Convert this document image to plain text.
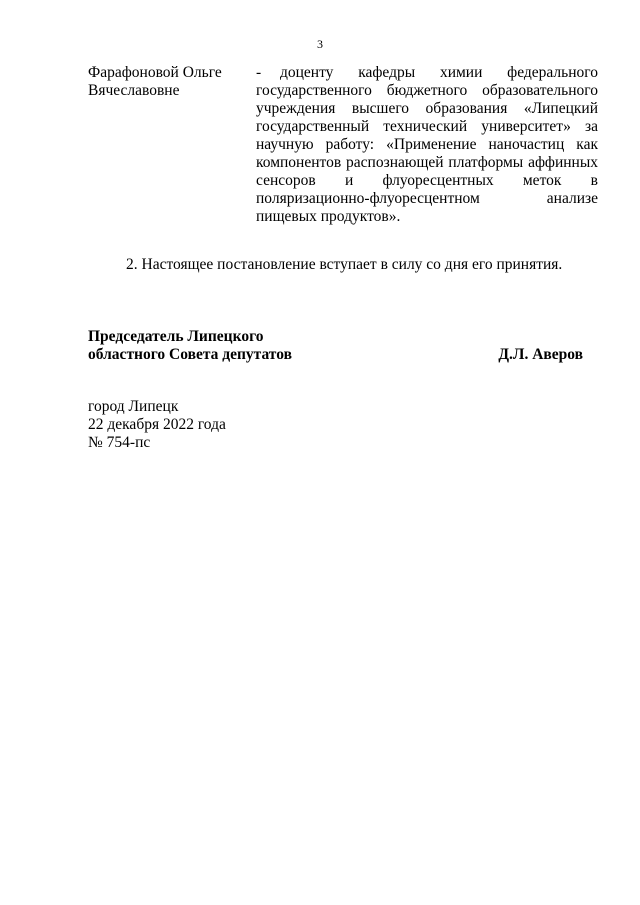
3
Фарафоновой Ольге
Вячеславовне
-	доценту кафедры химии федерального государственного бюджетного образовательного учреждения высшего образования «Липецкий государственный технический университет» за научную работу: «Применение наночастиц как компонентов распознающей платформы аффинных сенсоров и флуоресцентных меток в поляризационно-флуоресцентном анализе пищевых продуктов».
2. Настоящее постановление вступает в силу со дня его принятия.
Председатель Липецкого
областного Совета депутатов	Д.Л. Аверов
город Липецк
22 декабря 2022 года
№ 754-пс
